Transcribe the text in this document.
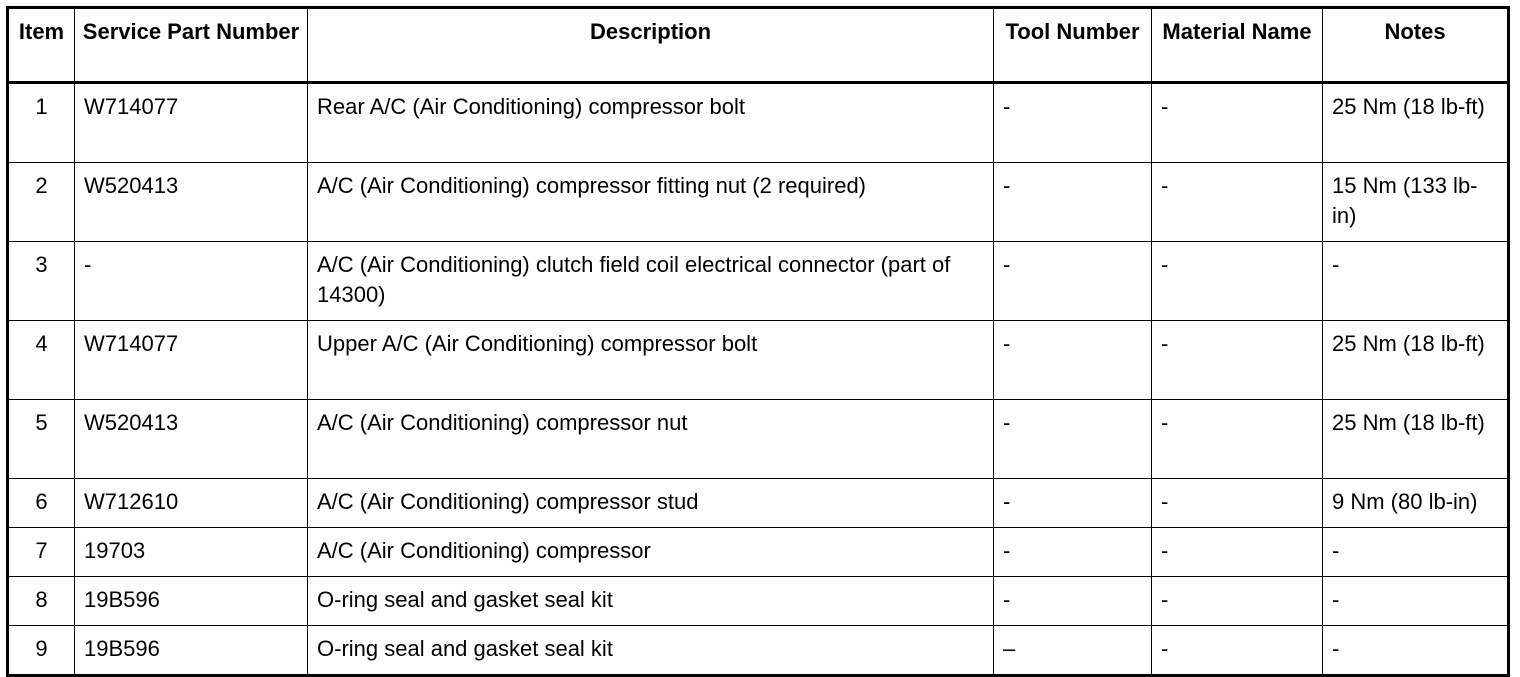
Item	Service Part Number	Description	Tool Number	Material Name	Notes
1	W714077	Rear A/C (Air Conditioning) compressor bolt	-	-	25 Nm (18 lb-ft)
2	W520413	A/C (Air Conditioning) compressor fitting nut (2 required)	-	-	15 Nm (133 lb-in)
3	-	A/C (Air Conditioning) clutch field coil electrical connector (part of 14300)	-	-	-
4	W714077	Upper A/C (Air Conditioning) compressor bolt	-	-	25 Nm (18 lb-ft)
5	W520413	A/C (Air Conditioning) compressor nut	-	-	25 Nm (18 lb-ft)
6	W712610	A/C (Air Conditioning) compressor stud	-	-	9 Nm (80 lb-in)
7	19703	A/C (Air Conditioning) compressor	-	-	-
8	19B596	O-ring seal and gasket seal kit	-	-	-
9	19B596	O-ring seal and gasket seal kit	–	-	-
